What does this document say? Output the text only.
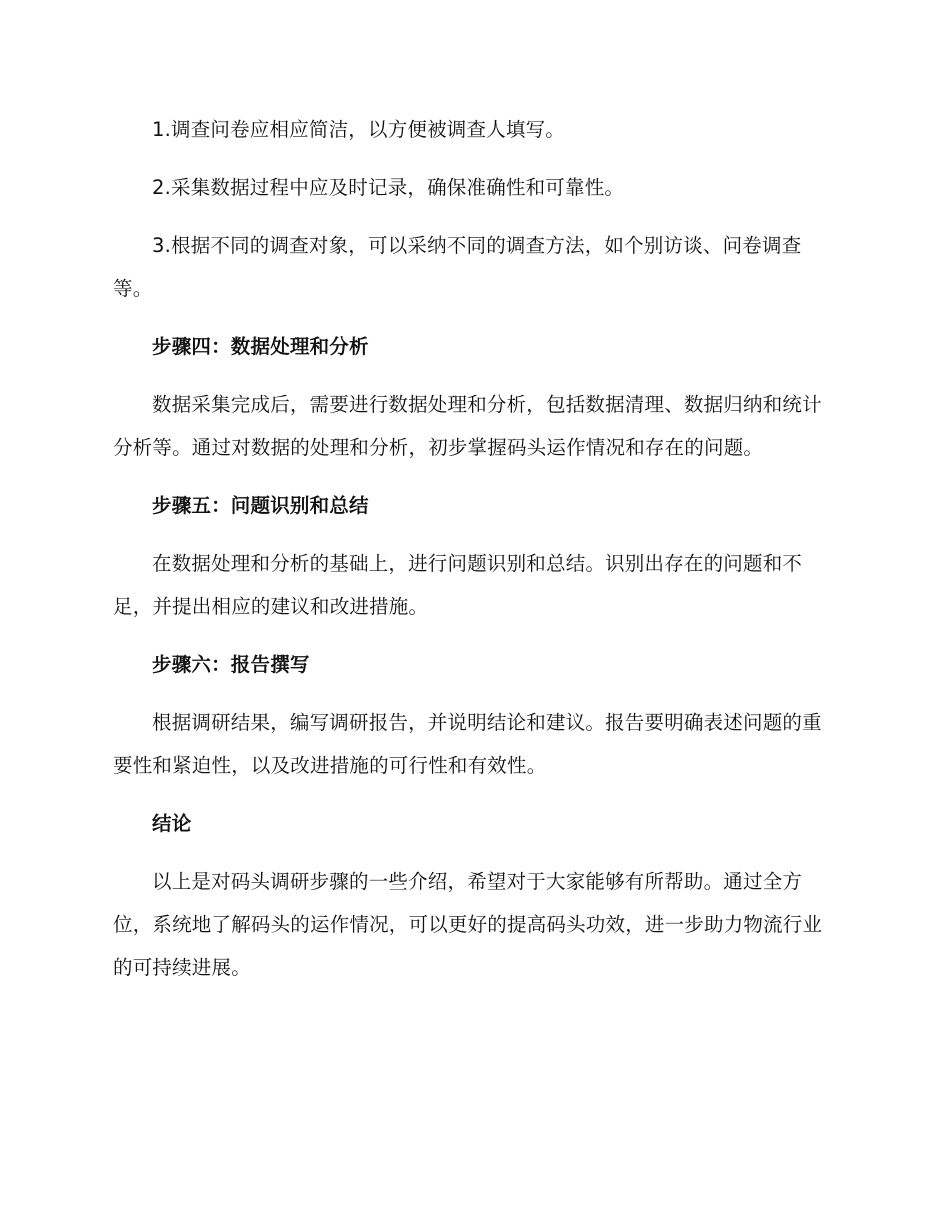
1.调查问卷应相应简洁，以方便被调查人填写。

2.采集数据过程中应及时记录，确保准确性和可靠性。

3.根据不同的调查对象，可以采纳不同的调查方法，如个别访谈、问卷调查等。

步骤四：数据处理和分析

数据采集完成后，需要进行数据处理和分析，包括数据清理、数据归纳和统计分析等。通过对数据的处理和分析，初步掌握码头运作情况和存在的问题。

步骤五：问题识别和总结

在数据处理和分析的基础上，进行问题识别和总结。识别出存在的问题和不足，并提出相应的建议和改进措施。

步骤六：报告撰写

根据调研结果，编写调研报告，并说明结论和建议。报告要明确表述问题的重要性和紧迫性，以及改进措施的可行性和有效性。

结论

以上是对码头调研步骤的一些介绍，希望对于大家能够有所帮助。通过全方位，系统地了解码头的运作情况，可以更好的提高码头功效，进一步助力物流行业的可持续进展。
